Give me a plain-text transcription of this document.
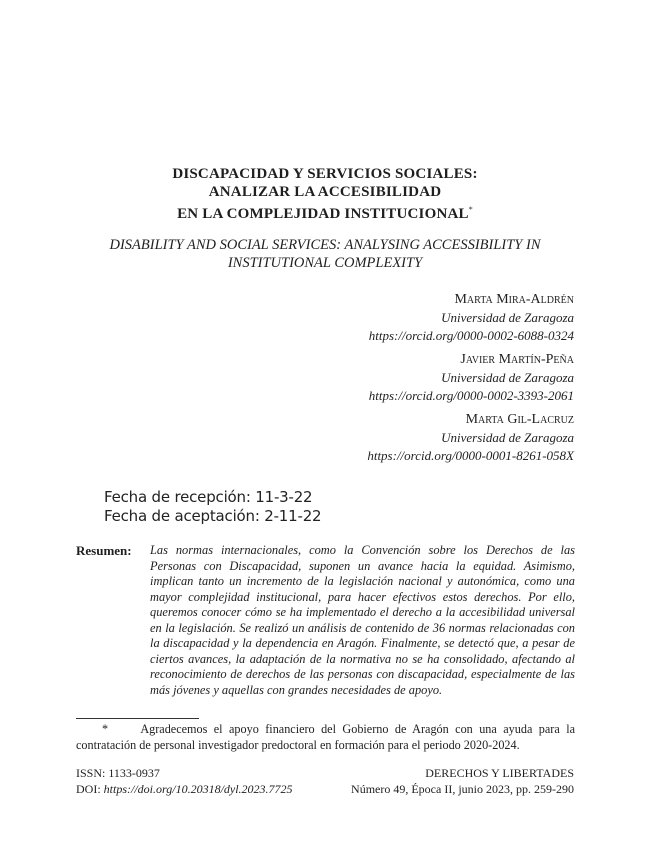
DISCAPACIDAD Y SERVICIOS SOCIALES:
ANALIZAR LA ACCESIBILIDAD
EN LA COMPLEJIDAD INSTITUCIONAL*
DISABILITY AND SOCIAL SERVICES: ANALYSING ACCESSIBILITY IN
INSTITUTIONAL COMPLEXITY
Marta Mira-Aldrén
Universidad de Zaragoza
https://orcid.org/0000-0002-6088-0324
Javier Martín-Peña
Universidad de Zaragoza
https://orcid.org/0000-0002-3393-2061
Marta Gil-Lacruz
Universidad de Zaragoza
https://orcid.org/0000-0001-8261-058X
Fecha de recepción: 11-3-22
Fecha de aceptación: 2-11-22
Resumen: Las normas internacionales, como la Convención sobre los Derechos de las Personas con Discapacidad, suponen un avance hacia la equidad. Asimismo, implican tanto un incremento de la legislación nacional y autonómica, como una mayor complejidad institucional, para hacer efectivos estos derechos. Por ello, queremos conocer cómo se ha implementado el derecho a la accesibilidad universal en la legislación. Se realizó un análisis de contenido de 36 normas relacionadas con la discapacidad y la dependencia en Aragón. Finalmente, se detectó que, a pesar de ciertos avances, la adaptación de la normativa no se ha consolidado, afectando al reconocimiento de derechos de las personas con discapacidad, especialmente de las más jóvenes y aquellas con grandes necesidades de apoyo.
*	Agradecemos el apoyo financiero del Gobierno de Aragón con una ayuda para la contratación de personal investigador predoctoral en formación para el periodo 2020-2024.
ISSN: 1133-0937
DOI: https://doi.org/10.20318/dyl.2023.7725
DERECHOS Y LIBERTADES
Número 49, Época II, junio 2023, pp. 259-290
